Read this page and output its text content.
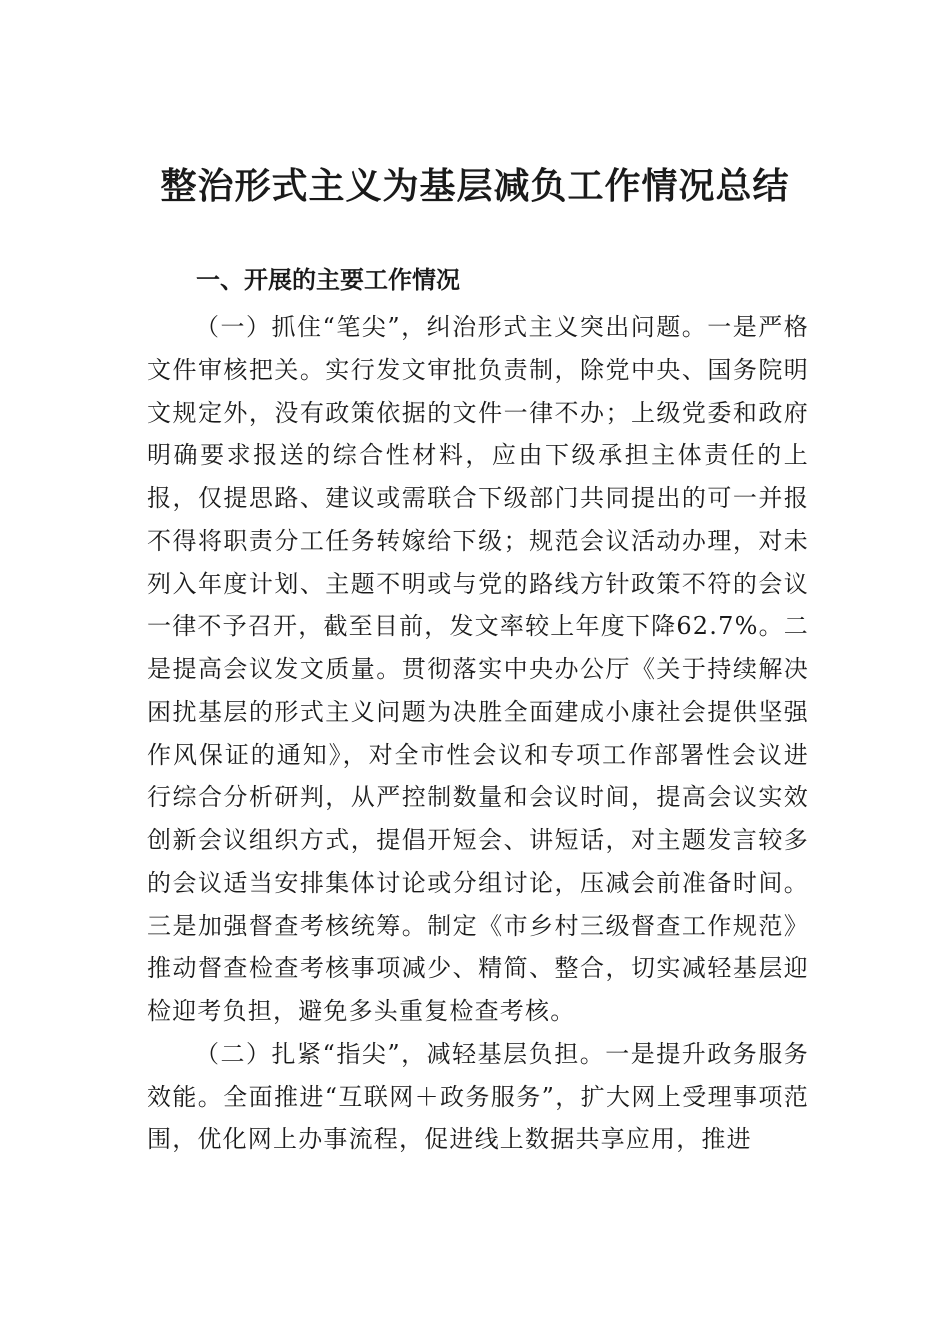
整治形式主义为基层减负工作情况总结
一、开展的主要工作情况

（一）抓住“笔尖”，纠治形式主义突出问题。一是严格文件审核把关。实行发文审批负责制，除党中央、国务院明文规定外，没有政策依据的文件一律不办；上级党委和政府明确要求报送的综合性材料，应由下级承担主体责任的上报，仅提思路、建议或需联合下级部门共同提出的可一并报不得将职责分工任务转嫁给下级；规范会议活动办理，对未列入年度计划、主题不明或与党的路线方针政策不符的会议一律不予召开，截至目前，发文率较上年度下降62.7%。二是提高会议发文质量。贯彻落实中央办公厅《关于持续解决困扰基层的形式主义问题为决胜全面建成小康社会提供坚强作风保证的通知》，对全市性会议和专项工作部署性会议进行综合分析研判，从严控制数量和会议时间，提高会议实效创新会议组织方式，提倡开短会、讲短话，对主题发言较多的会议适当安排集体讨论或分组讨论，压减会前准备时间。三是加强督查考核统筹。制定《市乡村三级督查工作规范》推动督查检查考核事项减少、精简、整合，切实减轻基层迎检迎考负担，避免多头重复检查考核。

（二）扎紧“指尖”，减轻基层负担。一是提升政务服务效能。全面推进“互联网＋政务服务”，扩大网上受理事项范围，优化网上办事流程，促进线上数据共享应用，推进
